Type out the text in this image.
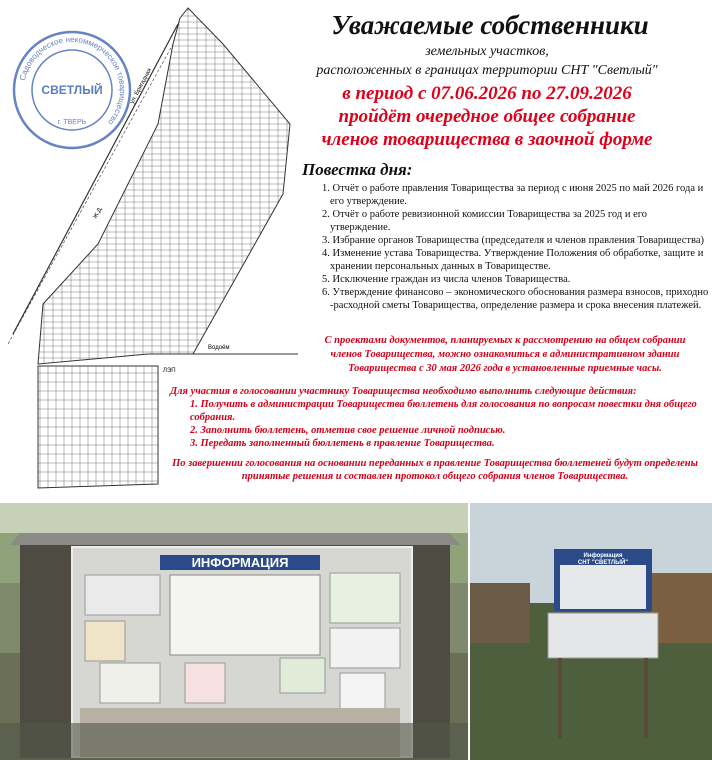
Садоводческое некоммерческое товарищество
г. ТВЕРЬ
СВЕТЛЫЙ	ул. Бригадная
Водоём
ЛЭП
Ж.Д.
Уважаемые собственники
земельных участков,
расположенных в границах территории СНТ "Светлый"
в период с 07.06.2026 по 27.09.2026
пройдёт очередное общее собрание
членов товарищества в заочной форме
Повестка дня:
1. Отчёт о работе правления Товарищества за период с июня 2025 по май 2026 года и его утверждение.
2. Отчёт о работе ревизионной комиссии Товарищества за 2025 год и его утверждение.
3. Избрание органов Товарищества (председателя и членов правления Товарищества)
4. Изменение устава Товарищества. Утверждение Положения об обработке, защите и хранении персональных данных в Товариществе.
5. Исключение граждан из числа членов Товарищества.
6. Утверждение финансово – экономического обоснования размера взносов, приходно -расходной сметы Товарищества, определение размера и срока внесения платежей.
С проектами документов, планируемых к рассмотрению на общем собрании членов Товарищества, можно ознакомиться в административном здании Товарищества с 30 мая 2026 года в установленные приемные часы.
Для участия в голосовании участнику Товарищества необходимо выполнить следующие действия:
1. Получить в администрации Товарищества бюллетень для голосования по вопросам повестки дня общего собрания.
2. Заполнить бюллетень, отметив свое решение личной подписью.
3. Передать заполненный бюллетень в правление Товарищества.
По завершении голосования на основании переданных в правление Товарищества бюллетеней будут определены принятые решения и составлен протокол общего собрания членов Товарищества.
ИНФОРМАЦИЯ	Информация
СНТ "СВЕТЛЫЙ"
